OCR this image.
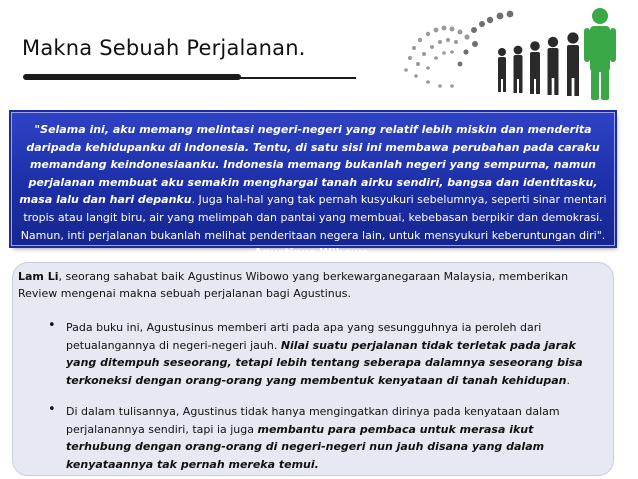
Makna Sebuah Perjalanan.

"Selama ini, aku memang melintasi negeri-negeri yang relatif lebih miskin dan menderita daripada kehidupanku di Indonesia. Tentu, di satu sisi ini membawa perubahan pada caraku memandang keindonesiaanku. Indonesia memang bukanlah negeri yang sempurna, namun perjalanan membuat aku semakin menghargai tanah airku sendiri, bangsa dan identitasku, masa lalu dan hari depanku. Juga hal-hal yang tak pernah kusyukuri sebelumnya, seperti sinar mentari tropis atau langit biru, air yang melimpah dan pantai yang membuai, kebebasan berpikir dan demokrasi. Namun, inti perjalanan bukanlah melihat penderitaan negera lain, untuk mensyukuri keberuntungan diri". Agustinus Wibowo.

Lam Li, seorang sahabat baik Agustinus Wibowo yang berkewarganegaraan Malaysia, memberikan Review mengenai makna sebuah perjalanan bagi Agustinus.
• Pada buku ini, Agustusinus memberi arti pada apa yang sesungguhnya ia peroleh dari petualangannya di negeri-negeri jauh. Nilai suatu perjalanan tidak terletak pada jarak yang ditempuh seseorang, tetapi lebih tentang seberapa dalamnya seseorang bisa terkoneksi dengan orang-orang yang membentuk kenyataan di tanah kehidupan.
• Di dalam tulisannya, Agustinus tidak hanya mengingatkan dirinya pada kenyataan dalam perjalanannya sendiri, tapi ia juga membantu para pembaca untuk merasa ikut terhubung dengan orang-orang di negeri-negeri nun jauh disana yang dalam kenyataannya tak pernah mereka temui.
